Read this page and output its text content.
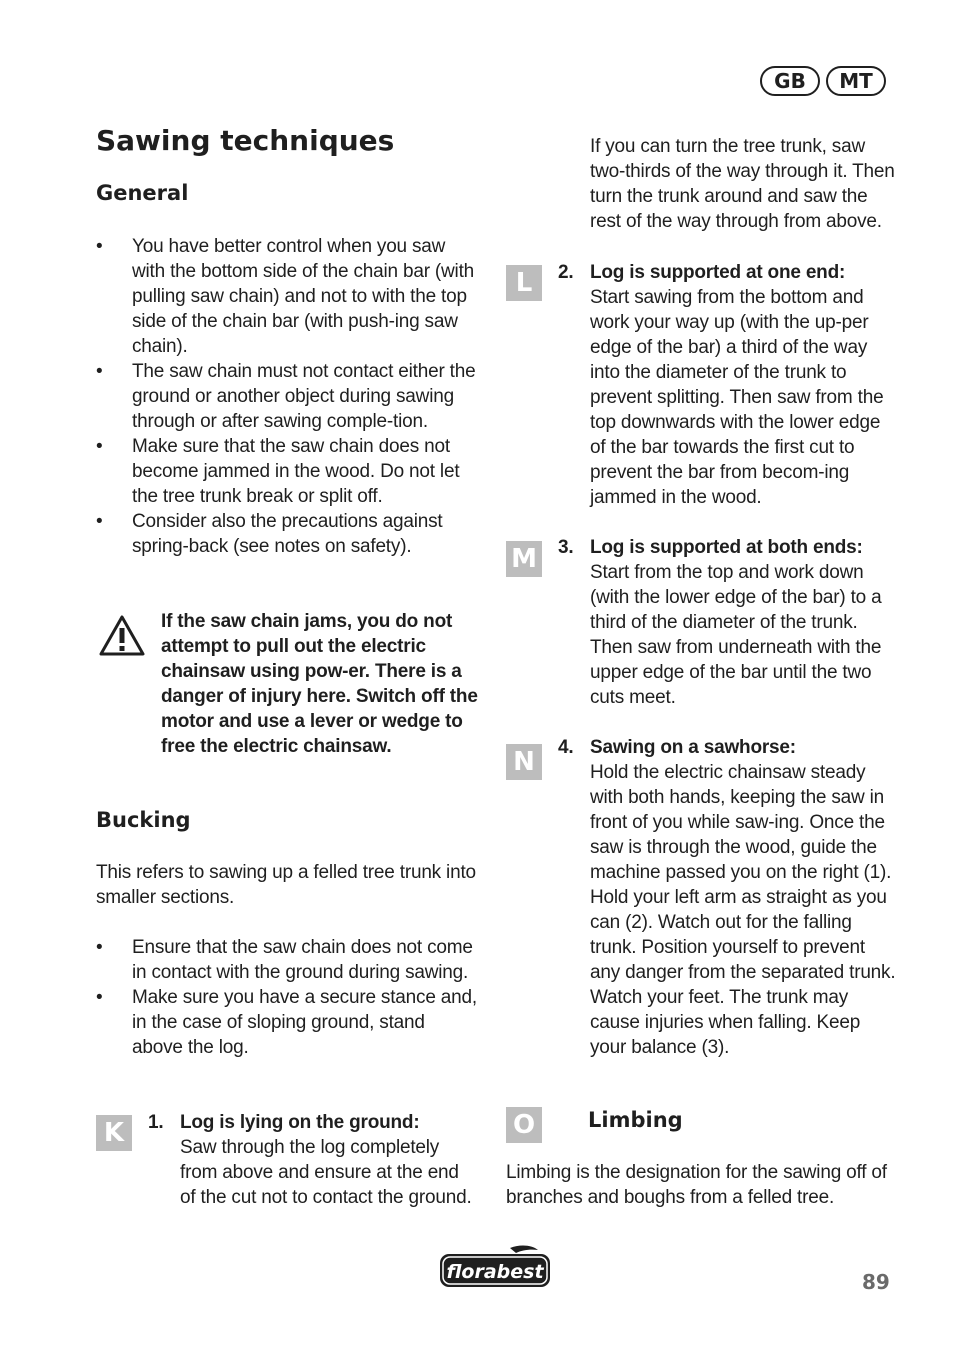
GB	MT
Sawing techniques
General
• You have better control when you saw with the bottom side of the chain bar (with pulling saw chain) and not to with the top side of the chain bar (with push-ing saw chain).
• The saw chain must not contact either the ground or another object during sawing through or after sawing comple-tion.
• Make sure that the saw chain does not become jammed in the wood. Do not let the tree trunk break or split off.
• Consider also the precautions against spring-back (see notes on safety).
If the saw chain jams, you do not attempt to pull out the electric chainsaw using pow-er. There is a danger of injury here. Switch off the motor and use a lever or wedge to free the electric chainsaw.
Bucking
This refers to sawing up a felled tree trunk into smaller sections.
• Ensure that the saw chain does not come in contact with the ground during sawing.
• Make sure you have a secure stance and, in the case of sloping ground, stand above the log.
K	1. Log is lying on the ground:
Saw through the log completely from above and ensure at the end of the cut not to contact the ground.
If you can turn the tree trunk, saw two-thirds of the way through it. Then turn the trunk around and saw the rest of the way through from above.
L	2. Log is supported at one end:
Start sawing from the bottom and work your way up (with the up-per edge of the bar) a third of the way into the diameter of the trunk to prevent splitting. Then saw from the top downwards with the lower edge of the bar towards the first cut to prevent the bar from becom-ing jammed in the wood.
M 3. Log is supported at both ends:
Start from the top and work down (with the lower edge of the bar) to a third of the diameter of the trunk. Then saw from underneath with the upper edge of the bar until the two cuts meet.
N	4. Sawing on a sawhorse:
Hold the electric chainsaw steady with both hands, keeping the saw in front of you while saw-ing. Once the saw is through the wood, guide the machine passed you on the right (1). Hold your left arm as straight as you can (2). Watch out for the falling trunk. Position yourself to prevent any danger from the separated trunk. Watch your feet. The trunk may cause injuries when falling. Keep your balance (3).
O	Limbing
Limbing is the designation for the sawing off of branches and boughs from a felled tree.
florabest	89
